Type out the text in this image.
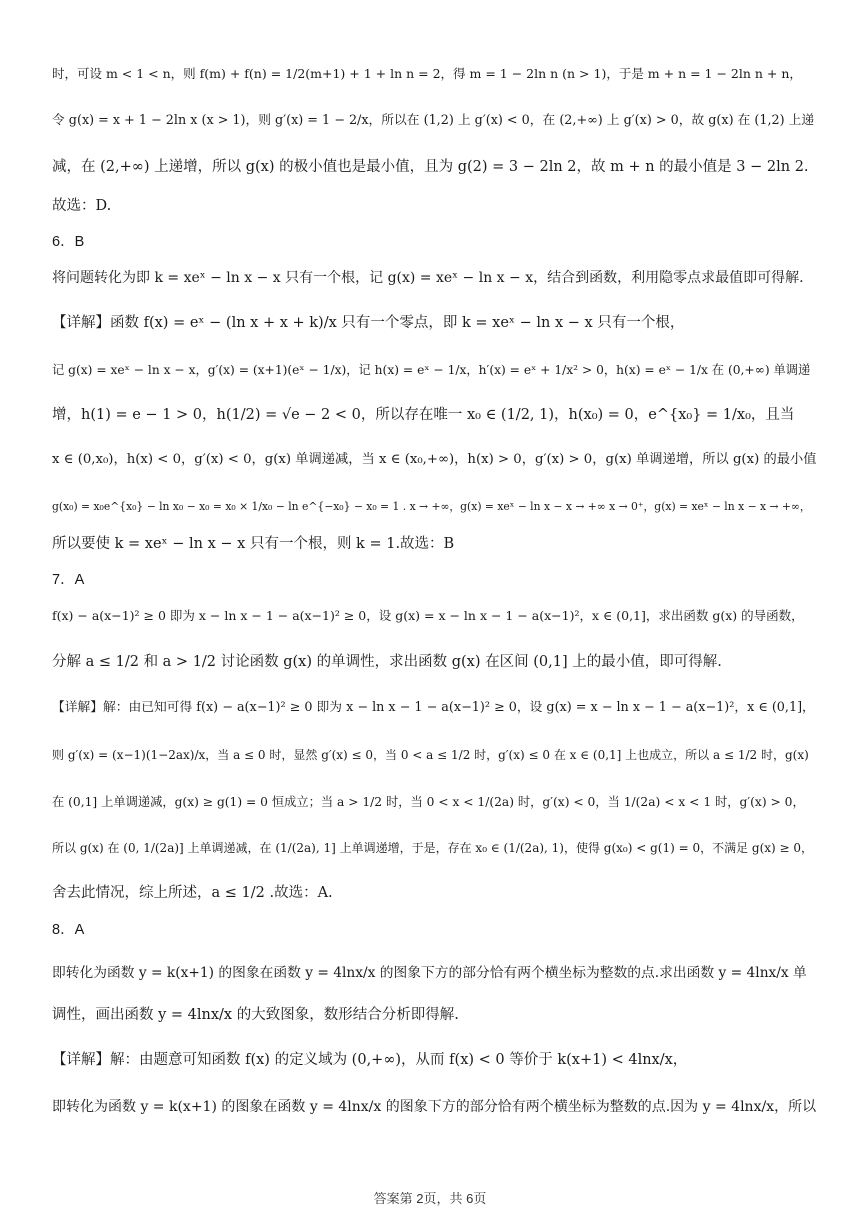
时，可设 m < 1 < n，则 f(m) + f(n) = 1/2(m+1) + 1 + ln n = 2，得 m = 1 − 2ln n (n > 1)，于是 m + n = 1 − 2ln n + n，
令 g(x) = x + 1 − 2ln x (x > 1)，则 g′(x) = 1 − 2/x，所以在 (1,2) 上 g′(x) < 0，在 (2,+∞) 上 g′(x) > 0，故 g(x) 在 (1,2) 上递
减，在 (2,+∞) 上递增，所以 g(x) 的极小值也是最小值，且为 g(2) = 3 − 2ln 2，故 m + n 的最小值是 3 − 2ln 2.
故选：D.
6．B
将问题转化为即 k = xeˣ − ln x − x 只有一个根，记 g(x) = xeˣ − ln x − x，结合到函数，利用隐零点求最值即可得解.
【详解】函数 f(x) = eˣ − (ln x + x + k)/x 只有一个零点，即 k = xeˣ − ln x − x 只有一个根，
记 g(x) = xeˣ − ln x − x，g′(x) = (x+1)(eˣ − 1/x)，记 h(x) = eˣ − 1/x，h′(x) = eˣ + 1/x² > 0，h(x) = eˣ − 1/x 在 (0,+∞) 单调递
增，h(1) = e − 1 > 0，h(1/2) = √e − 2 < 0，所以存在唯一 x₀ ∈ (1/2, 1)，h(x₀) = 0，e^{x₀} = 1/x₀，且当
x ∈ (0,x₀)，h(x) < 0，g′(x) < 0，g(x) 单调递减，当 x ∈ (x₀,+∞)，h(x) > 0，g′(x) > 0，g(x) 单调递增，所以 g(x) 的最小值
g(x₀) = x₀e^{x₀} − ln x₀ − x₀ = x₀ × 1/x₀ − ln e^{−x₀} − x₀ = 1 . x → +∞，g(x) = xeˣ − ln x − x → +∞ x → 0⁺，g(x) = xeˣ − ln x − x → +∞，
所以要使 k = xeˣ − ln x − x 只有一个根，则 k = 1.故选：B
7．A
f(x) − a(x−1)² ≥ 0 即为 x − ln x − 1 − a(x−1)² ≥ 0，设 g(x) = x − ln x − 1 − a(x−1)²，x ∈ (0,1]，求出函数 g(x) 的导函数，
分解 a ≤ 1/2 和 a > 1/2 讨论函数 g(x) 的单调性，求出函数 g(x) 在区间 (0,1] 上的最小值，即可得解.
【详解】解：由已知可得 f(x) − a(x−1)² ≥ 0 即为 x − ln x − 1 − a(x−1)² ≥ 0，设 g(x) = x − ln x − 1 − a(x−1)²，x ∈ (0,1]，
则 g′(x) = (x−1)(1−2ax)/x，当 a ≤ 0 时，显然 g′(x) ≤ 0，当 0 < a ≤ 1/2 时，g′(x) ≤ 0 在 x ∈ (0,1] 上也成立，所以 a ≤ 1/2 时，g(x)
在 (0,1] 上单调递减，g(x) ≥ g(1) = 0 恒成立；当 a > 1/2 时，当 0 < x < 1/(2a) 时，g′(x) < 0，当 1/(2a) < x < 1 时，g′(x) > 0，
所以 g(x) 在 (0, 1/(2a)] 上单调递减，在 (1/(2a), 1] 上单调递增，于是，存在 x₀ ∈ (1/(2a), 1)，使得 g(x₀) < g(1) = 0，不满足 g(x) ≥ 0，
舍去此情况，综上所述，a ≤ 1/2 .故选：A.
8．A
即转化为函数 y = k(x+1) 的图象在函数 y = 4lnx/x 的图象下方的部分恰有两个横坐标为整数的点.求出函数 y = 4lnx/x 单
调性，画出函数 y = 4lnx/x 的大致图象，数形结合分析即得解.
【详解】解：由题意可知函数 f(x) 的定义域为 (0,+∞)，从而 f(x) < 0 等价于 k(x+1) < 4lnx/x，
即转化为函数 y = k(x+1) 的图象在函数 y = 4lnx/x 的图象下方的部分恰有两个横坐标为整数的点.因为 y = 4lnx/x，所以
答案第 2页，共 6页
